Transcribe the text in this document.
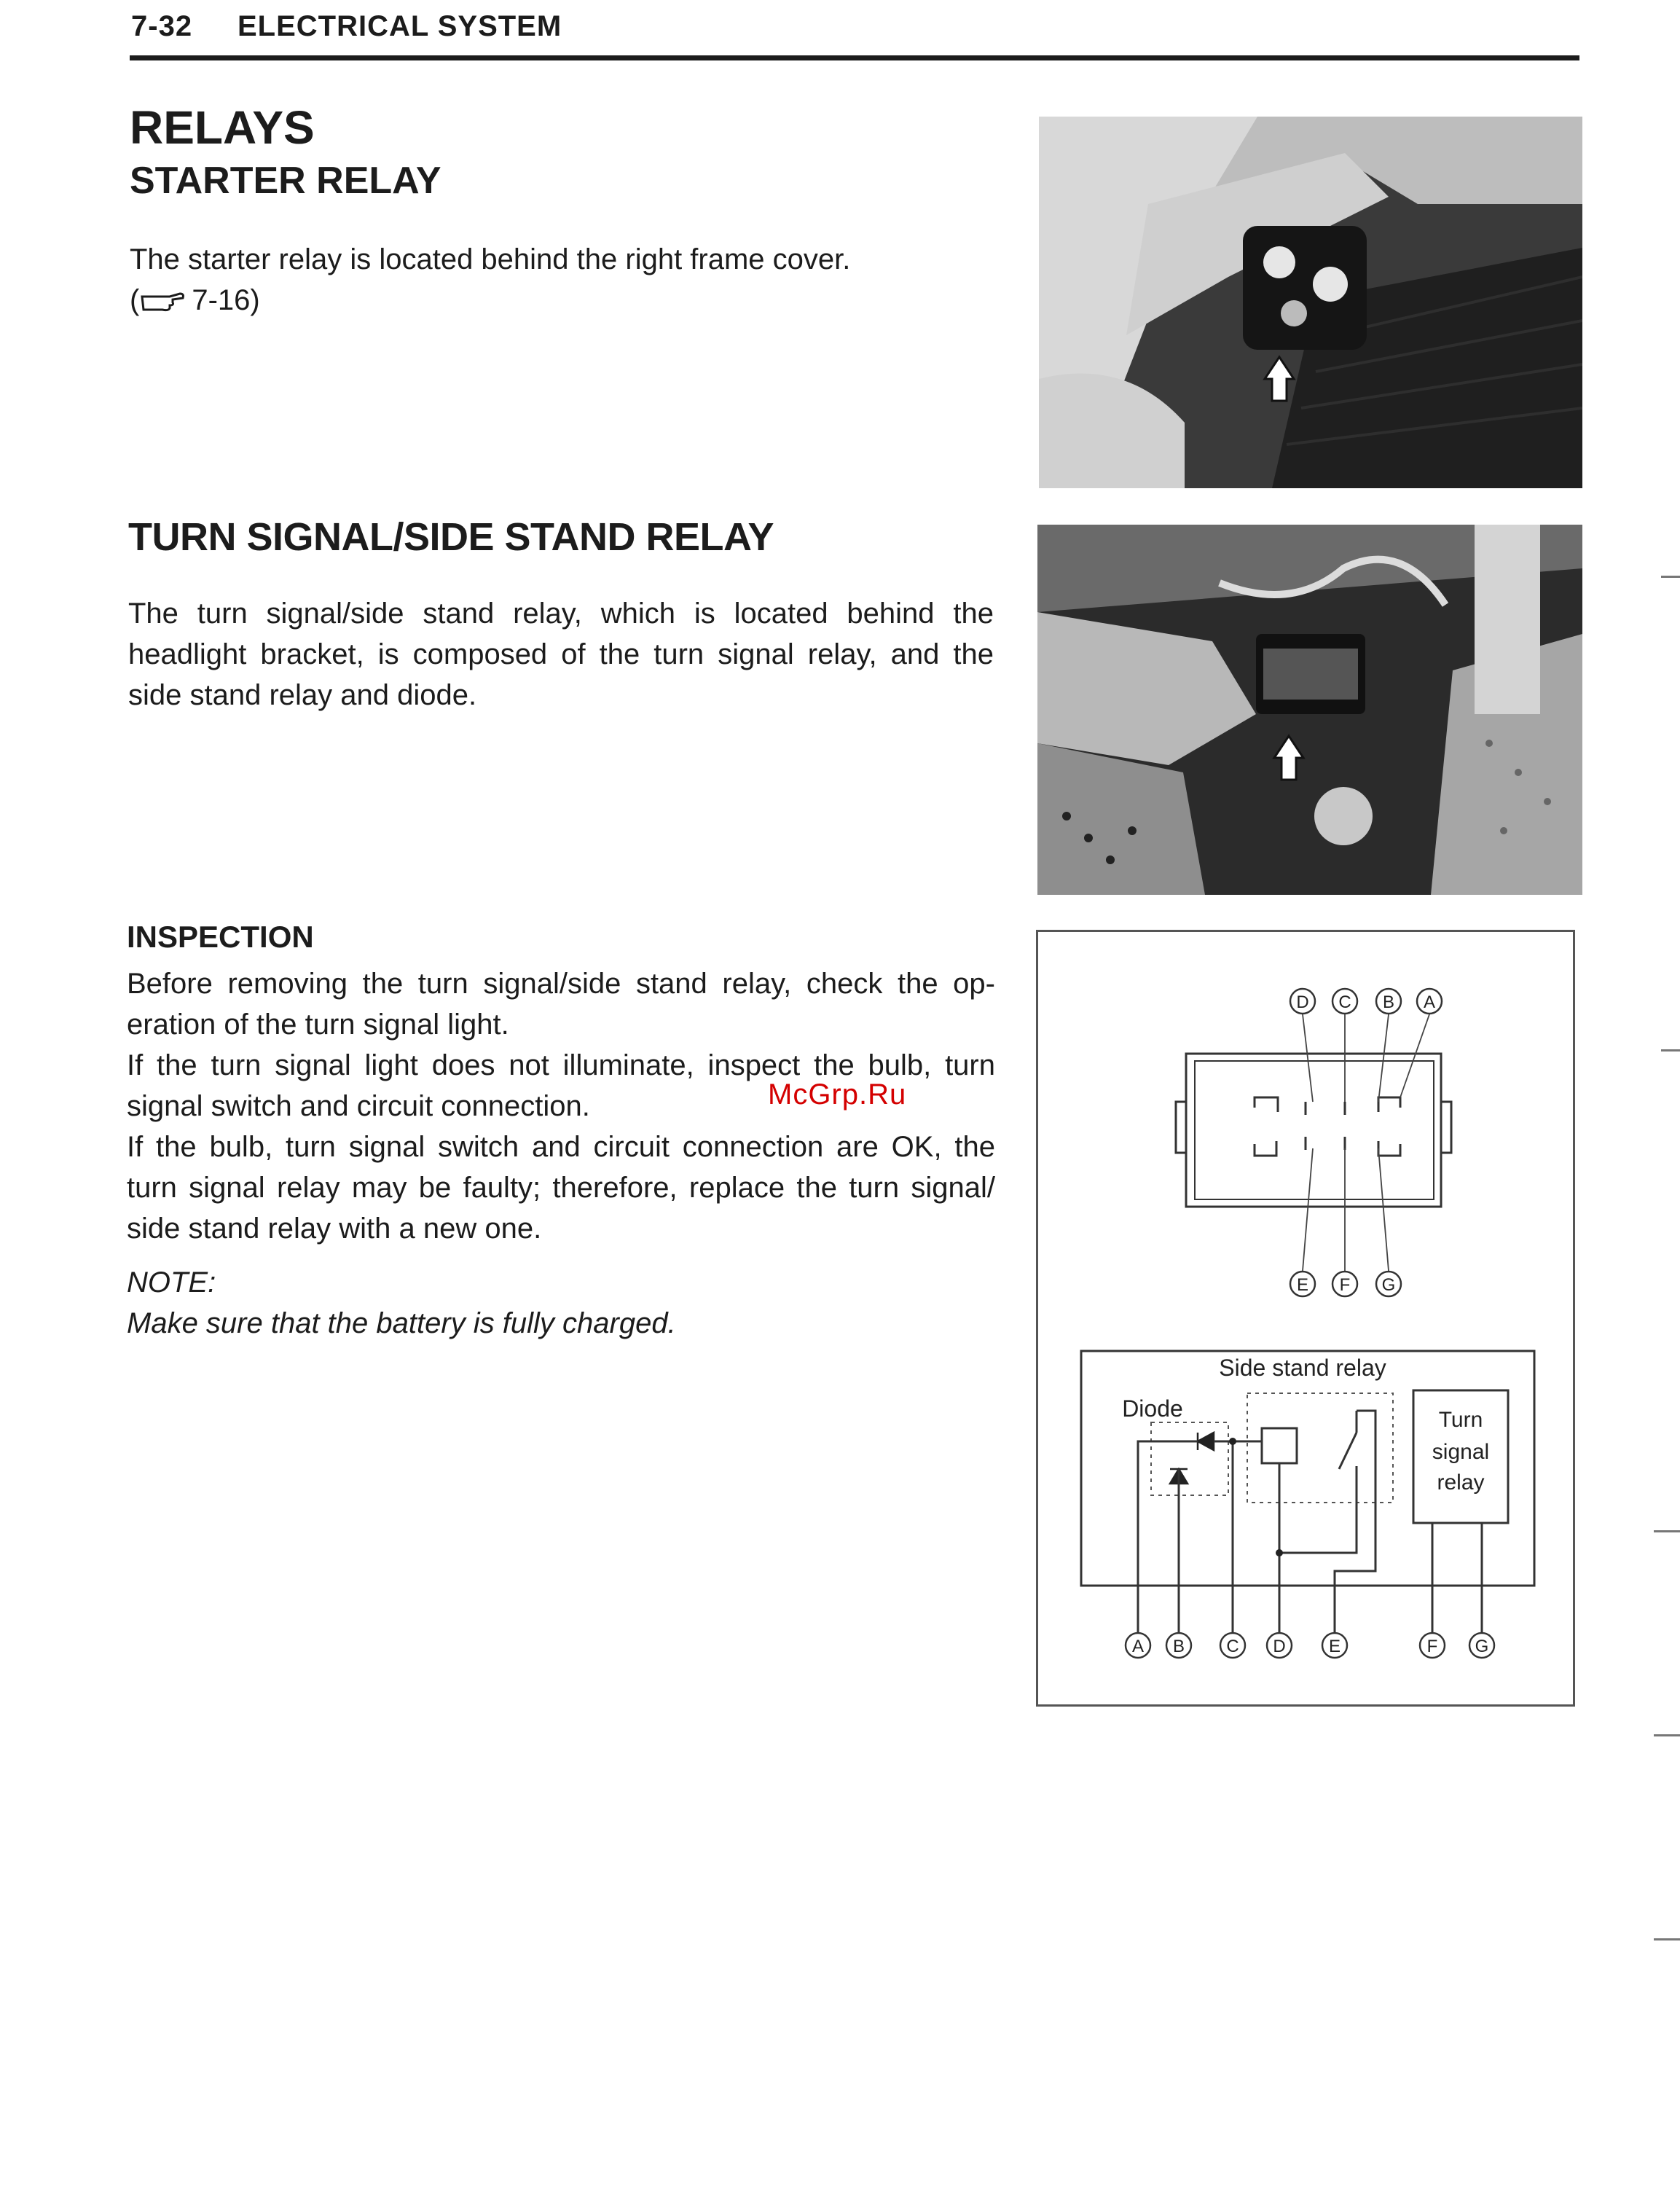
7-32 ELECTRICAL SYSTEM
RELAYS
STARTER RELAY
The starter relay is located behind the right frame cover.
( 7-16)
TURN SIGNAL/SIDE STAND RELAY
The turn signal/side stand relay, which is located behind the
headlight bracket, is composed of the turn signal relay, and the
side stand relay and diode.
INSPECTION
Before removing the turn signal/side stand relay, check the op-
eration of the turn signal light.
If the turn signal light does not illuminate, inspect the bulb, turn
signal switch and circuit connection.
If the bulb, turn signal switch and circuit connection are OK, the
turn signal relay may be faulty; therefore, replace the turn signal/
side stand relay with a new one.
NOTE:
Make sure that the battery is fully charged.
McGrp.Ru
D C B A
E F G
Side stand relay
Diode	Turn
signal
relay
A B C D E	F G
